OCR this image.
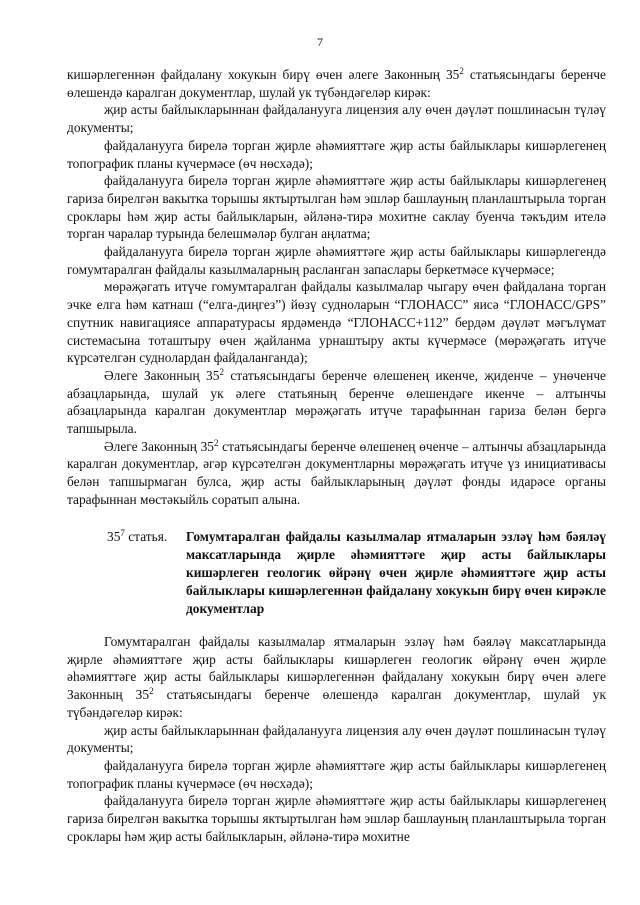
7

кишәрлегеннән файдалану хокукын бирү өчен әлеге Законның $35^2$ статьясындагы беренче өлешендә каралган документлар, шулай ук түбәндәгеләр кирәк:

җир асты байлыкларыннан файдаланууга лицензия алу өчен дәүләт пошлинасын түләү документы;

файдаланууга бирелә торган җирле әһәмияттәге җир асты байлыклары кишәрлегенең топографик планы күчермәсе (өч нөсхәдә);

файдаланууга бирелә торган җирле әһәмияттәге җир асты байлыклары кишәрлегенең гариза бирелгән вакытка торышы яктыртылган һәм эшләр башлауның планлаштырыла торган сроклары һәм җир асты байлыкларын, әйләнә-тирә мохитне саклау буенча тәкъдим ителә торган чаралар турында белешмәләр булган аңлатма;

файдаланууга бирелә торган җирле әһәмияттәге җир асты байлыклары кишәрлегендә гомумтаралган файдалы казылмаларның расланган запаслары беркетмәсе күчермәсе;

мөрәҗәгать итүче гомумтаралган файдалы казылмалар чыгару өчен файдалана торган эчке елга һәм катнаш (“елга-диңгез”) йөзү судноларын “ГЛОНАСС” яисә “ГЛОНАСС/GPS” спутник навигациясе аппаратурасы ярдәмендә “ГЛОНАСС+112” бердәм дәүләт мәгълүмат системасына тоташтыру өчен җайланма урнаштыру акты күчермәсе (мөрәҗәгать итүче күрсәтелгән суднолардан файдаланганда);

Әлеге Законның $35^2$ статьясындагы беренче өлешенең икенче, җиденче – унөченче абзацларында, шулай ук әлеге статьяның беренче өлешендәге икенче – алтынчы абзацларында каралган документлар мөрәҗәгать итүче тарафыннан гариза белән бергә тапшырыла.

Әлеге Законның $35^2$ статьясындагы беренче өлешенең өченче – алтынчы абзацларында каралган документлар, әгәр күрсәтелгән документларны мөрәҗәгать итүче үз инициативасы белән тапшырмаган булса, җир асты байлыкларының дәүләт фонды идарәсе органы тарафыннан мөстәкыйль соратып алына.

$35^7$ статья. Гомумтаралган файдалы казылмалар ятмаларын эзләү һәм бәяләү максатларында җирле әһәмияттәге җир асты байлыклары кишәрлеген геологик өйрәнү өчен җирле әһәмияттәге җир асты байлыклары кишәрлегеннән файдалану хокукын бирү өчен кирәкле документлар

Гомумтаралган файдалы казылмалар ятмаларын эзләү һәм бәяләү максатларында җирле әһәмияттәге җир асты байлыклары кишәрлеген геологик өйрәнү өчен җирле әһәмияттәге җир асты байлыклары кишәрлегеннән файдалану хокукын бирү өчен әлеге Законның $35^2$ статьясындагы беренче өлешендә каралган документлар, шулай ук түбәндәгеләр кирәк:

җир асты байлыкларыннан файдаланууга лицензия алу өчен дәүләт пошлинасын түләү документы;

файдаланууга бирелә торган җирле әһәмияттәге җир асты байлыклары кишәрлегенең топографик планы күчермәсе (өч нөсхәдә);

файдаланууга бирелә торган җирле әһәмияттәге җир асты байлыклары кишәрлегенең гариза бирелгән вакытка торышы яктыртылган һәм эшләр башлауның планлаштырыла торган сроклары һәм җир асты байлыкларын, әйләнә-тирә мохитне
